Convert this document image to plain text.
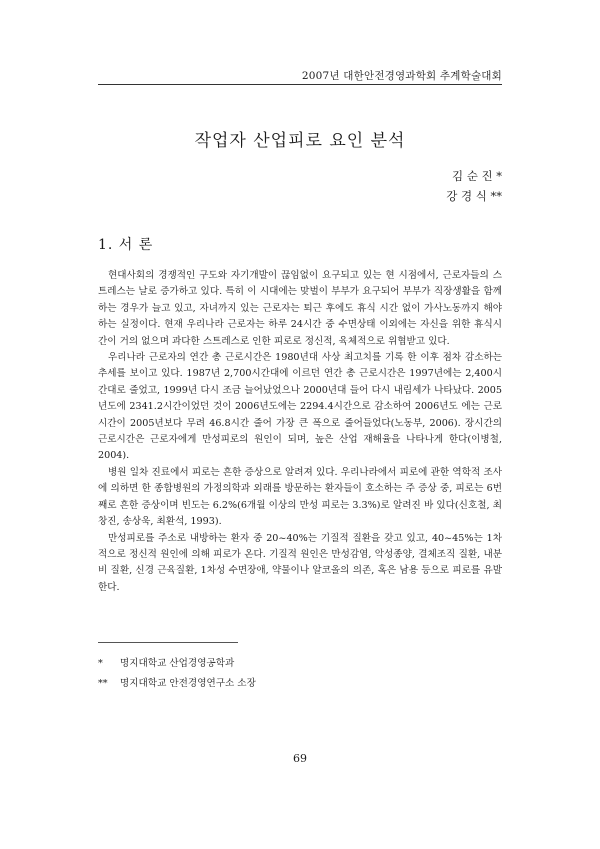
2007년 대한안전경영과학회 추계학술대회
작업자 산업피로 요인 분석
김 순 진 *
강 경 식 **
1. 서 론

현대사회의 경쟁적인 구도와 자기개발이 끊임없이 요구되고 있는 현 시점에서, 근로자들의 스트레스는 날로 증가하고 있다. 특히 이 시대에는 맞벌이 부부가 요구되어 부부가 직장생활을 함께 하는 경우가 늘고 있고, 자녀까지 있는 근로자는 퇴근 후에도 휴식 시간 없이 가사노동까지 해야 하는 실정이다. 현재 우리나라 근로자는 하루 24시간 중 수면상태 이외에는 자신을 위한 휴식시간이 거의 없으며 과다한 스트레스로 인한 피로로 정신적, 육체적으로 위협받고 있다.

우리나라 근로자의 연간 총 근로시간은 1980년대 사상 최고치를 기록 한 이후 점차 감소하는 추세를 보이고 있다. 1987년 2,700시간대에 이르던 연간 총 근로시간은 1997년에는 2,400시간대로 줄었고, 1999년 다시 조금 늘어났었으나 2000년대 들어 다시 내림세가 나타났다. 2005년도에 2341.2시간이었던 것이 2006년도에는 2294.4시간으로 감소하여 2006년도 에는 근로시간이 2005년보다 무려 46.8시간 줄어 가장 큰 폭으로 줄어들었다(노동부, 2006). 장시간의 근로시간은 근로자에게 만성피로의 원인이 되며, 높은 산업 재해율을 나타나게 한다(이병철, 2004).

병원 일차 진료에서 피로는 흔한 증상으로 알려져 있다. 우리나라에서 피로에 관한 역학적 조사에 의하면 한 종합병원의 가정의학과 외래를 방문하는 환자들이 호소하는 주 증상 중, 피로는 6번째로 흔한 증상이며 빈도는 6.2%(6개월 이상의 만성 피로는 3.3%)로 알려진 바 있다(신호철, 최창진, 송상욱, 최환석, 1993).

만성피로를 주소로 내방하는 환자 중 20~40%는 기질적 질환을 갖고 있고, 40~45%는 1차적으로 정신적 원인에 의해 피로가 온다. 기질적 원인은 만성감염, 악성종양, 결체조직 질환, 내분비 질환, 신경 근육질환, 1차성 수면장애, 약물이나 알코올의 의존, 혹은 남용 등으로 피로를 유발한다.

* 명지대학교 산업경영공학과
** 명지대학교 안전경영연구소 소장
69
